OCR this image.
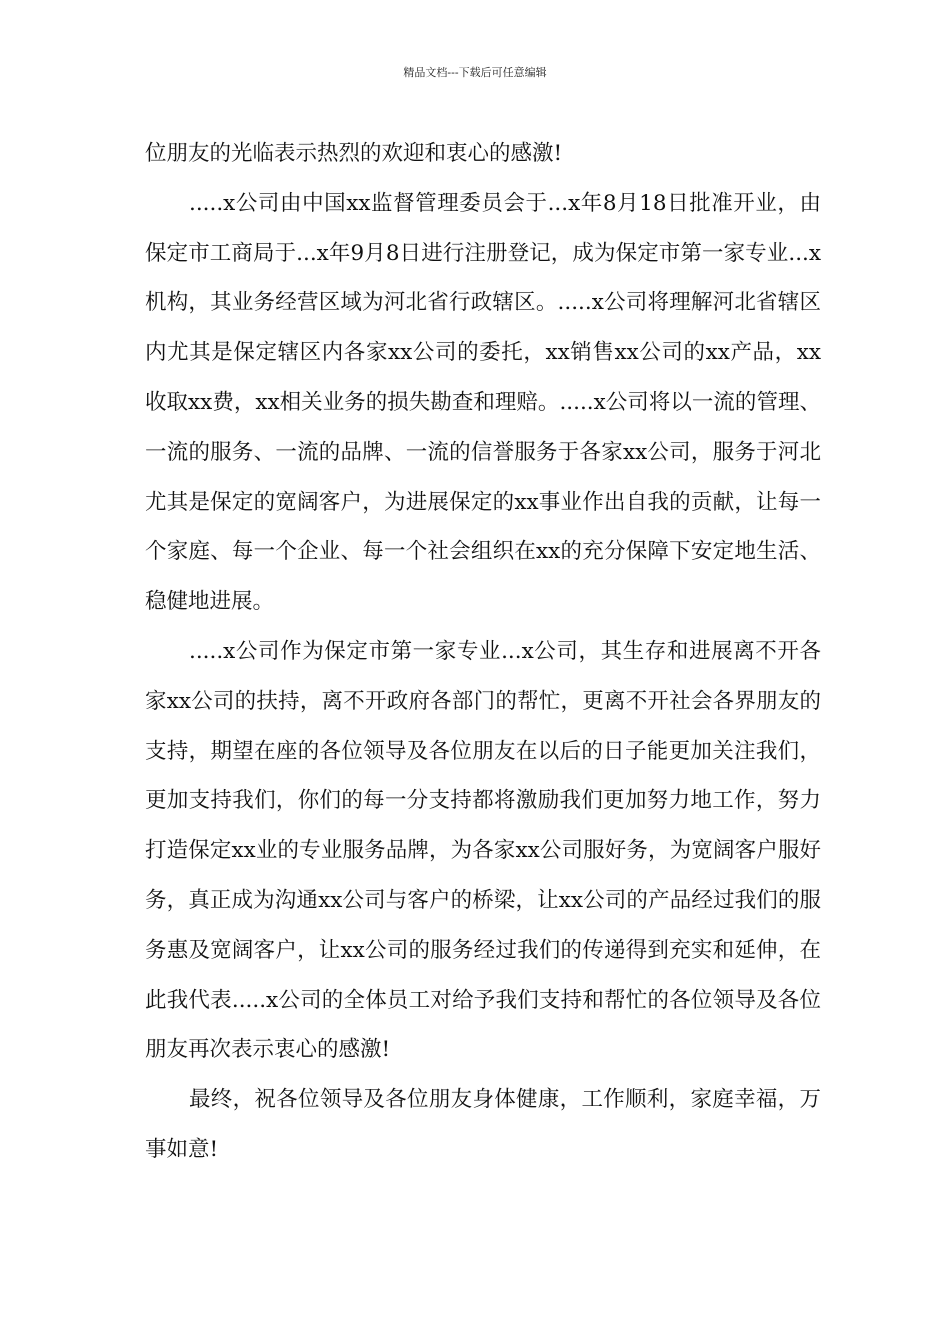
精品文档---下载后可任意编辑

位朋友的光临表示热烈的欢迎和衷心的感激!

.....x公司由中国xx监督管理委员会于...x年8月18日批准开业，由保定市工商局于...x年9月8日进行注册登记，成为保定市第一家专业...x机构，其业务经营区域为河北省行政辖区。.....x公司将理解河北省辖区内尤其是保定辖区内各家xx公司的委托，xx销售xx公司的xx产品，xx收取xx费，xx相关业务的损失勘查和理赔。.....x公司将以一流的管理、一流的服务、一流的品牌、一流的信誉服务于各家xx公司，服务于河北尤其是保定的宽阔客户，为进展保定的xx事业作出自我的贡献，让每一个家庭、每一个企业、每一个社会组织在xx的充分保障下安定地生活、稳健地进展。

.....x公司作为保定市第一家专业...x公司，其生存和进展离不开各家xx公司的扶持，离不开政府各部门的帮忙，更离不开社会各界朋友的支持，期望在座的各位领导及各位朋友在以后的日子能更加关注我们，更加支持我们，你们的每一分支持都将激励我们更加努力地工作，努力打造保定xx业的专业服务品牌，为各家xx公司服好务，为宽阔客户服好务，真正成为沟通xx公司与客户的桥梁，让xx公司的产品经过我们的服务惠及宽阔客户，让xx公司的服务经过我们的传递得到充实和延伸，在此我代表.....x公司的全体员工对给予我们支持和帮忙的各位领导及各位朋友再次表示衷心的感激!

最终，祝各位领导及各位朋友身体健康，工作顺利，家庭幸福，万事如意!
